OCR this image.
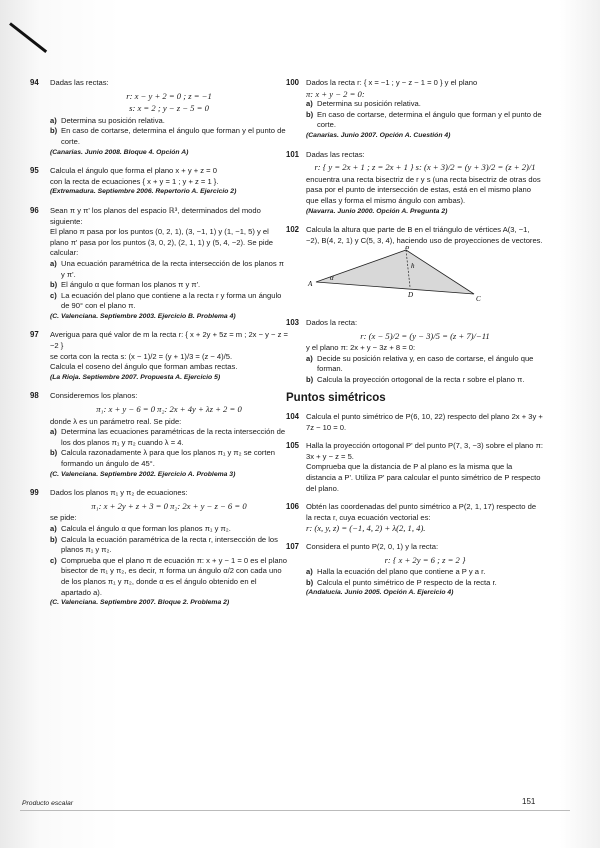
94 Dadas las rectas:

r: x − y + 2 = 0 ; z = −1

s: x = 2 ; y − z − 5 = 0

a) Determina su posición relativa.

b) En caso de cortarse, determina el ángulo que forman y el punto de corte.

(Canarias. Junio 2008. Bloque 4. Opción A)

95 Calcula el ángulo que forma el plano x + y + z = 0

con la recta de ecuaciones { x + y = 1 ; y + z = 1 }.

(Extremadura. Septiembre 2006. Repertorio A. Ejercicio 2)

96 Sean π y π' los planos del espacio ℝ³, determinados del modo siguiente:

El plano π pasa por los puntos (0, 2, 1), (3, −1, 1) y (1, −1, 5) y el plano π' pasa por los puntos (3, 0, 2), (2, 1, 1) y (5, 4, −2). Se pide calcular:

a) Una ecuación paramétrica de la recta intersección de los planos π y π'.

b) El ángulo α que forman los planos π y π'.

c) La ecuación del plano que contiene a la recta r y forma un ángulo de 90° con el plano π.

(C. Valenciana. Septiembre 2003. Ejercicio B. Problema 4)

97 Averigua para qué valor de m la recta r: { x + 2y + 5z = m ; 2x − y − z = −2 }

se corta con la recta s: (x − 1)/2 = (y + 1)/3 = (z − 4)/5.

Calcula el coseno del ángulo que forman ambas rectas.

(La Rioja. Septiembre 2007. Propuesta A. Ejercicio 5)

98 Consideremos los planos:

π₁: x + y − 6 = 0 π₂: 2x + 4y + λz + 2 = 0

donde λ es un parámetro real. Se pide:

a) Determina las ecuaciones paramétricas de la recta intersección de los dos planos π₁ y π₂ cuando λ = 4.

b) Calcula razonadamente λ para que los planos π₁ y π₂ se corten formando un ángulo de 45°.

(C. Valenciana. Septiembre 2002. Ejercicio A. Problema 3)

99 Dados los planos π₁ y π₂ de ecuaciones:

π₁: x + 2y + z + 3 = 0 π₂: 2x + y − z − 6 = 0

se pide:

a) Calcula el ángulo α que forman los planos π₁ y π₂.

b) Calcula la ecuación paramétrica de la recta r, intersección de los planos π₁ y π₂.

c) Comprueba que el plano π de ecuación π: x + y − 1 = 0 es el plano bisector de π₁ y π₂, es decir, π forma un ángulo α/2 con cada uno de los planos π₁ y π₂, donde α es el ángulo obtenido en el apartado a).

(C. Valenciana. Septiembre 2007. Bloque 2. Problema 2)

100 Dados la recta r: { x = −1 ; y − z − 1 = 0 } y el plano

π: x + y − 2 = 0:

a) Determina su posición relativa.

b) En caso de cortarse, determina el ángulo que forman y el punto de corte.

(Canarias. Junio 2007. Opción A. Cuestión 4)

101 Dadas las rectas:

r: { y = 2x + 1 ; z = 2x + 1 } s: (x + 3)/2 = (y + 3)/2 = (z + 2)/1

encuentra una recta bisectriz de r y s (una recta bisectriz de otras dos pasa por el punto de intersección de estas, está en el mismo plano que ellas y forma el mismo ángulo con ambas).

(Navarra. Junio 2000. Opción A. Pregunta 2)

102 Calcula la altura que parte de B en el triángulo de vértices A(3, −1, −2), B(4, 2, 1) y C(5, 3, 4), haciendo uso de proyecciones de vectores.

A
B
C
D
h
α
103 Dados la recta:

r: (x − 5)/2 = (y − 3)/5 = (z + 7)/−11

y el plano π: 2x + y − 3z + 8 = 0:

a) Decide su posición relativa y, en caso de cortarse, el ángulo que forman.

b) Calcula la proyección ortogonal de la recta r sobre el plano π.

Puntos simétricos
104 Calcula el punto simétrico de P(6, 10, 22) respecto del plano 2x + 3y + 7z − 10 = 0.

105 Halla la proyección ortogonal P' del punto P(7, 3, −3) sobre el plano π: 3x + y − z = 5.

Comprueba que la distancia de P al plano es la misma que la distancia a P'. Utiliza P' para calcular el punto simétrico de P respecto del plano.

106 Obtén las coordenadas del punto simétrico a P(2, 1, 17) respecto de la recta r, cuya ecuación vectorial es:

r: (x, y, z) = (−1, 4, 2) + λ(2, 1, 4).

107 Considera el punto P(2, 0, 1) y la recta:

r: { x + 2y = 6 ; z = 2 }

a) Halla la ecuación del plano que contiene a P y a r.

b) Calcula el punto simétrico de P respecto de la recta r.

(Andalucía. Junio 2005. Opción A. Ejercicio 4)

Producto escalar	151
